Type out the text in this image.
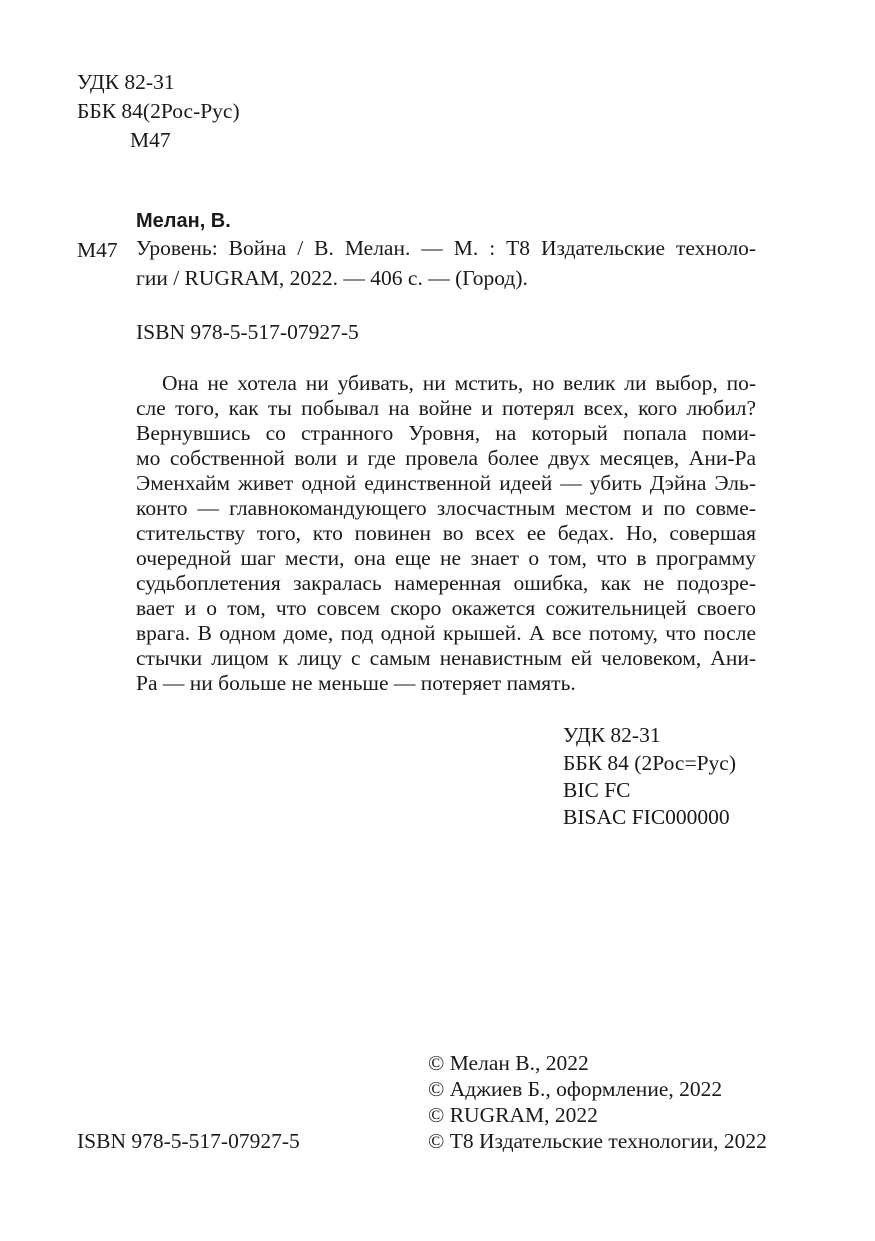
УДК 82-31
ББК 84(2Рос-Рус)
М47
Мелан, В.
М47 Уровень: Война / В. Мелан. — М. : Т8 Издательские техноло-
гии / RUGRAM, 2022. — 406 с. — (Город).
ISBN 978-5-517-07927-5
Она не хотела ни убивать, ни мстить, но велик ли выбор, по-
сле того, как ты побывал на войне и потерял всех, кого любил?
Вернувшись со странного Уровня, на который попала поми-
мо собственной воли и где провела более двух месяцев, Ани-Ра
Эменхайм живет одной единственной идеей — убить Дэйна Эль-
конто — главнокомандующего злосчастным местом и по совме-
стительству того, кто повинен во всех ее бедах. Но, совершая
очередной шаг мести, она еще не знает о том, что в программу
судьбоплетения закралась намеренная ошибка, как не подозре-
вает и о том, что совсем скоро окажется сожительницей своего
врага. В одном доме, под одной крышей. А все потому, что после
стычки лицом к лицу с самым ненавистным ей человеком, Ани-
Ра — ни больше не меньше — потеряет память.
УДК 82-31
ББК 84 (2Рос=Рус)
BIC FC
BISAC FIC000000
© Мелан В., 2022
© Аджиев Б., оформление, 2022
© RUGRAM, 2022
ISBN 978-5-517-07927-5	© Т8 Издательские технологии, 2022
